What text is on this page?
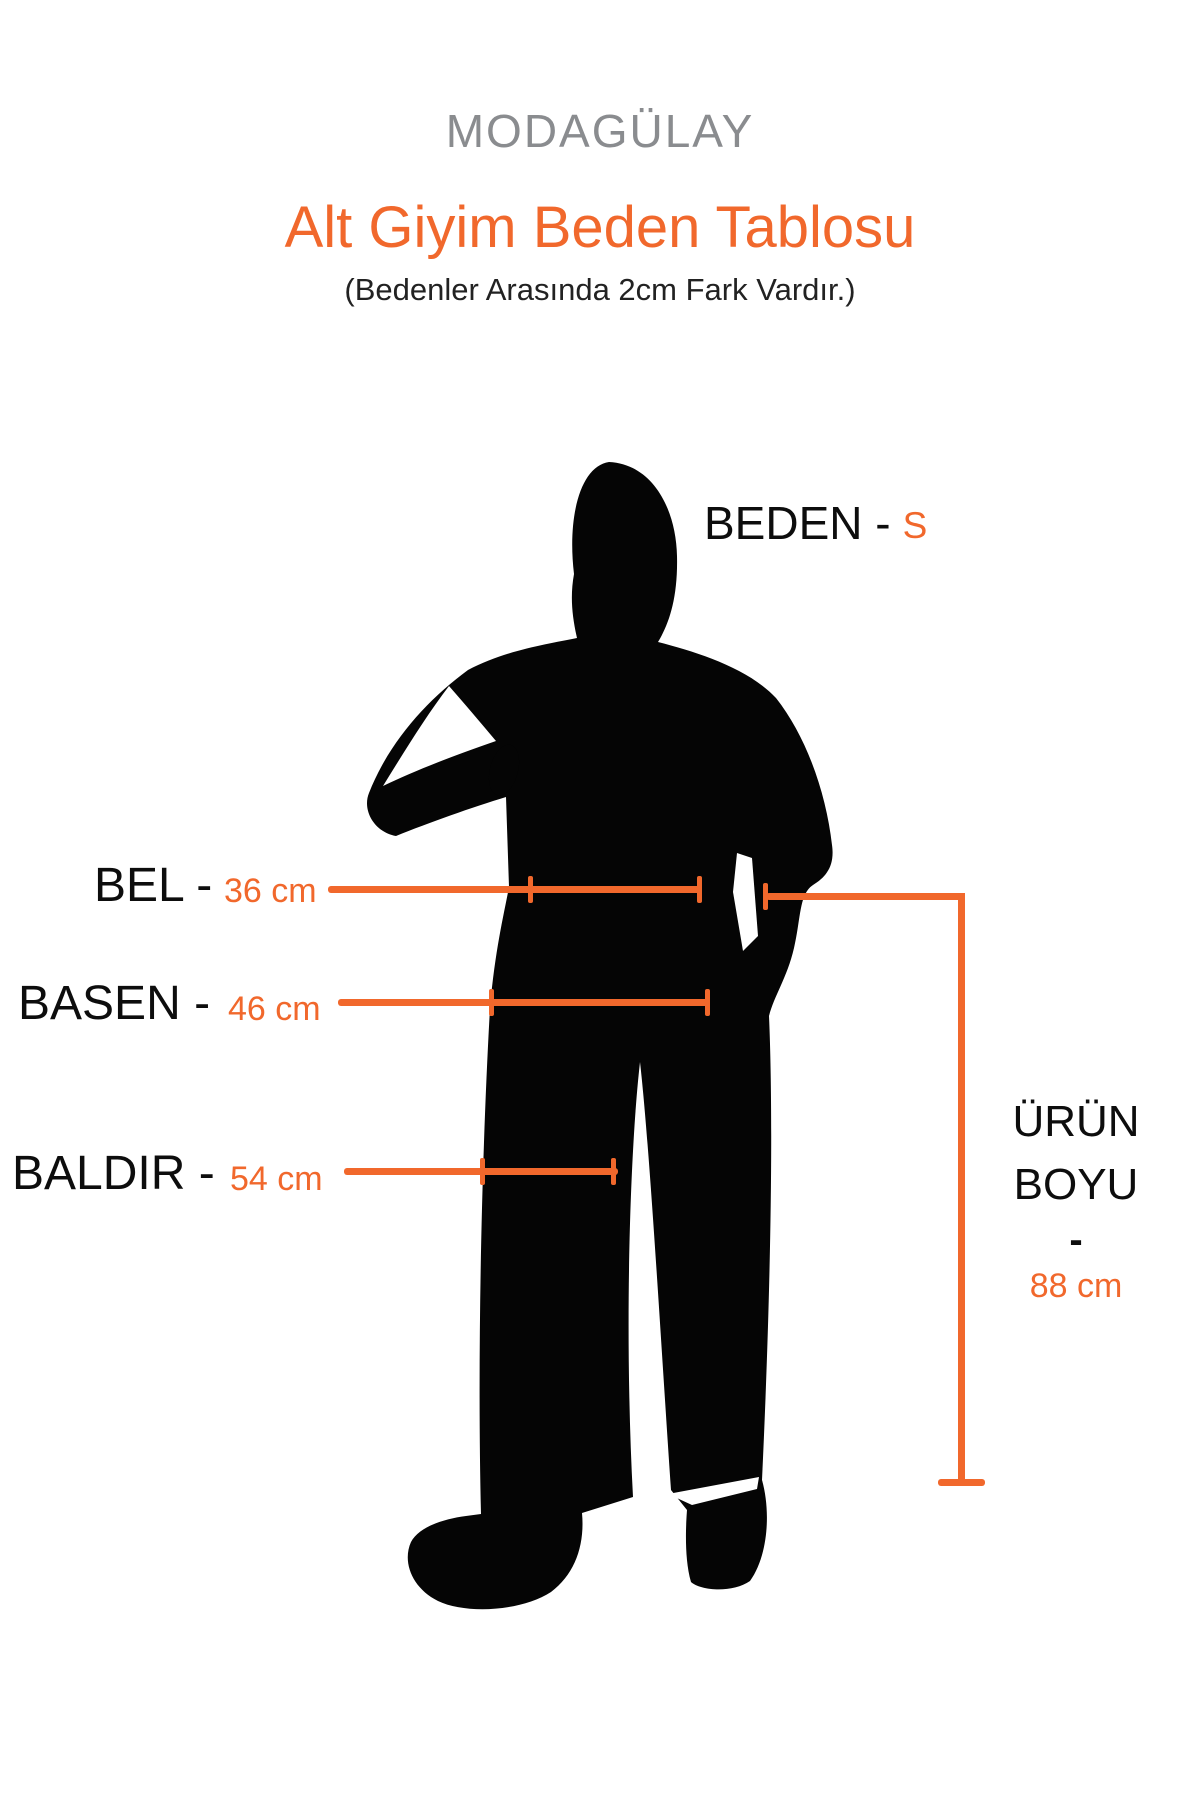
MODAGÜLAY
Alt Giyim Beden Tablosu
(Bedenler Arasında 2cm Fark Vardır.)
BEDEN - S
BEL - 36 cm
BASEN - 46 cm
BALDIR - 54 cm
ÜRÜN
BOYU
-
88 cm
